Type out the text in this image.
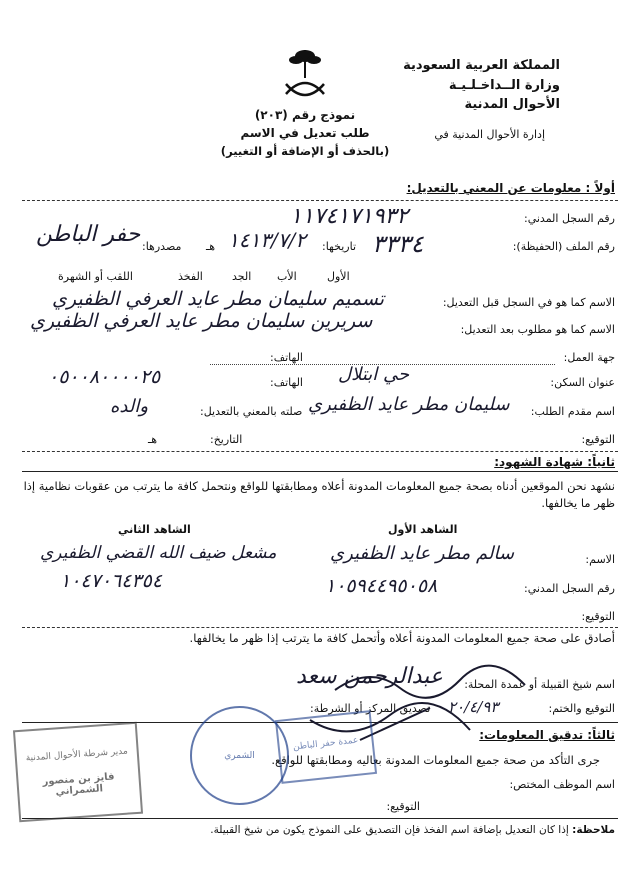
المملكة العربية السعودية
وزارة الــداخـلـيـة
الأحوال المدنية
إدارة الأحوال المدنية في
نموذج رقم (٢٠٣)
طلب تعديل في الاسم
(بالحذف أو الإضافة أو التغيير)
أولاً : معلومات عن المعني بالتعديل:
رقم السجل المدني:
١١٧٤١٧١٩٣٢
رقم الملف (الحفيظة):
٣٣٣٤
تاريخها:
١٤١٣/٧/٢
هـ
مصدرها:
حفر الباطن
الأول
الأب
الجد
الفخذ
اللقب أو الشهرة
الاسم كما هو في السجل قبل التعديل:
تسميم سليمان مطر عايد العرفي الظفيري
الاسم كما هو مطلوب بعد التعديل:
سريرين سليمان مطر عايد العرفي الظفيري
جهة العمل:
الهاتف:
عنوان السكن:
حي ابتلال
الهاتف:
٠٥٠٠٨٠٠٠٠٢٥
اسم مقدم الطلب:
سليمان مطر عايد الظفيري
صلته بالمعني بالتعديل:
والده
التوقيع:
التاريخ:
هـ
ثانياً: شهادة الشهود:
نشهد نحن الموقعين أدناه بصحة جميع المعلومات المدونة أعلاه ومطابقتها للواقع ونتحمل كافة ما يترتب من عقوبات نظامية إذا ظهر ما يخالفها.
الشاهد الأول
الشاهد الثاني
الاسم:
سالم مطر عايد الظفيري
مشعل ضيف الله القضي الظفيري
رقم السجل المدني:
١٠٥٩٤٤٩٥٠٥٨
١٠٤٧٠٦٤٣٥٤
التوقيع:
أصادق على صحة جميع المعلومات المدونة أعلاه وأتحمل كافة ما يترتب إذا ظهر ما يخالفها.
اسم شيخ القبيلة أو عمدة المحلة:
عبدالرحمن سعد
التوقيع والختم:
٢٠/٤/٩٣
تصديق المركز أو الشرطة:
ثالثاً: تدقيق المعلومات:
جرى التأكد من صحة جميع المعلومات المدونة بعاليه ومطابقتها للواقع.
اسم الموظف المختص:
التوقيع:
ملاحظة: إذا كان التعديل بإضافة اسم الفخذ فإن التصديق على النموذج يكون من شيخ القبيلة.
مدير شرطة الأحوال المدنية
فايز بن منصور الشمراني
الشمري
عمدة حفر الباطن
